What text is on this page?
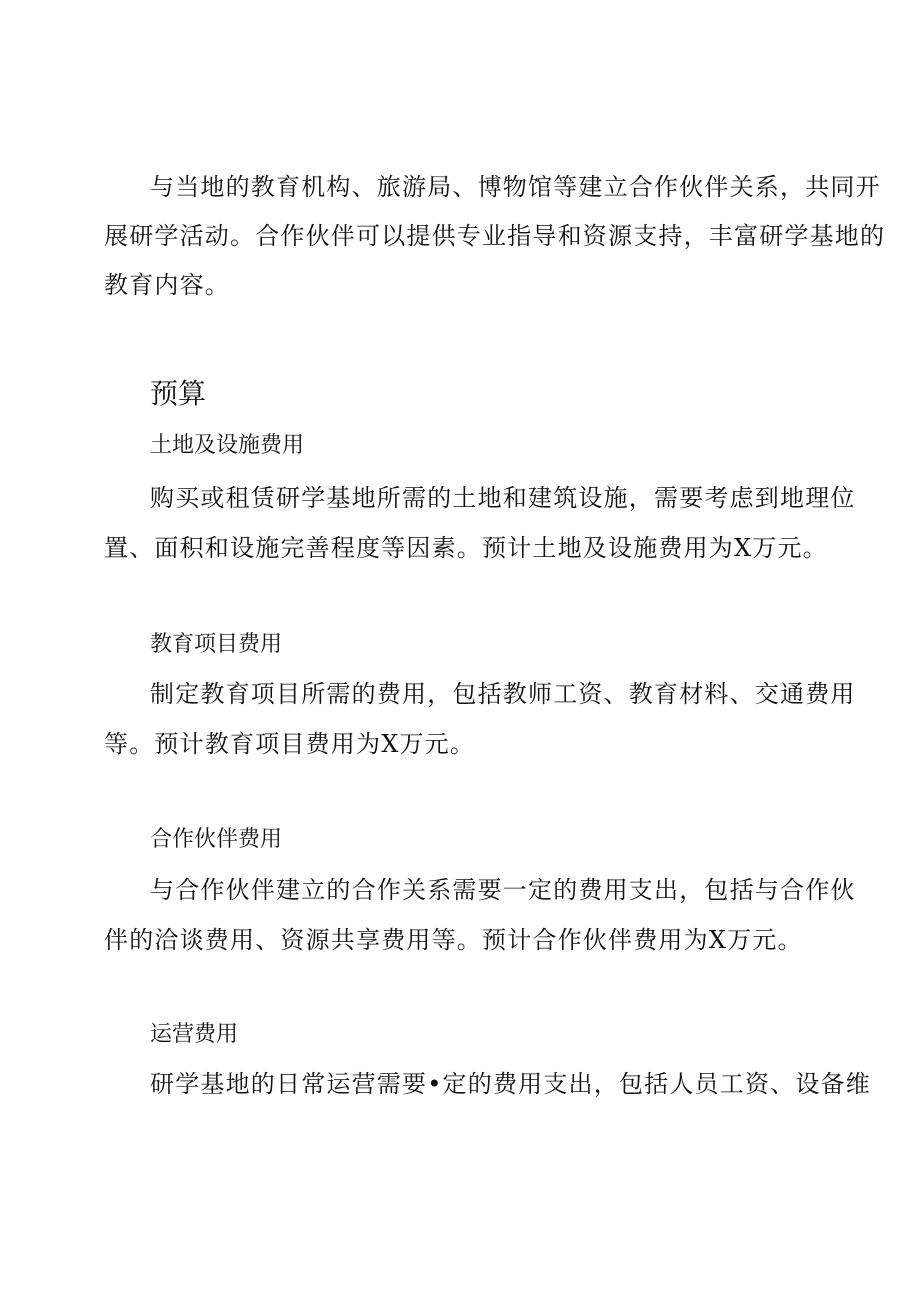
与当地的教育机构、旅游局、博物馆等建立合作伙伴关系，共同开
展研学活动。合作伙伴可以提供专业指导和资源支持，丰富研学基地的
教育内容。
预算
土地及设施费用
购买或租赁研学基地所需的土地和建筑设施，需要考虑到地理位
置、面积和设施完善程度等因素。预计土地及设施费用为X万元。
教育项目费用
制定教育项目所需的费用，包括教师工资、教育材料、交通费用
等。预计教育项目费用为X万元。
合作伙伴费用
与合作伙伴建立的合作关系需要一定的费用支出，包括与合作伙
伴的洽谈费用、资源共享费用等。预计合作伙伴费用为X万元。
运营费用
研学基地的日常运营需要•定的费用支出，包括人员工资、设备维
